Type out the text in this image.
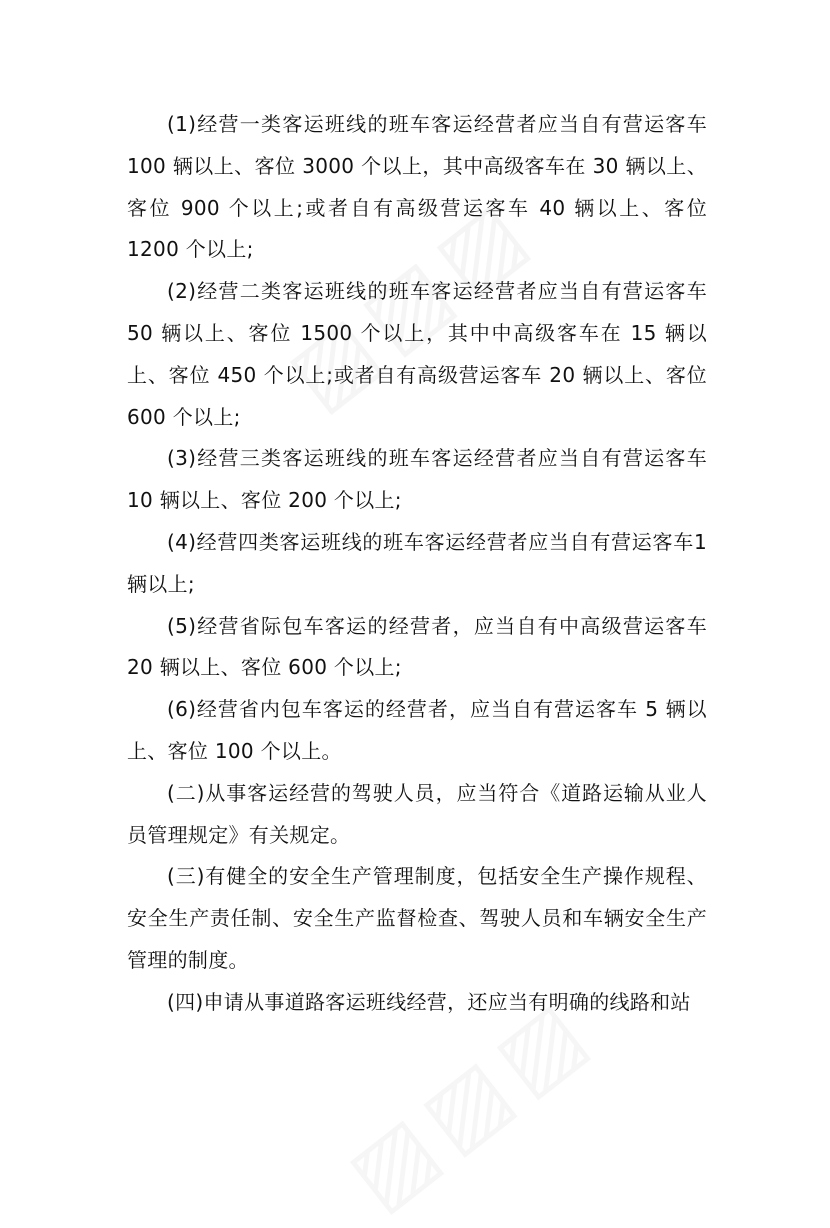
(1)经营一类客运班线的班车客运经营者应当自有营运客车100 辆以上、客位 3000 个以上，其中高级客车在 30 辆以上、客位 900 个以上;或者自有高级营运客车 40 辆以上、客位 1200 个以上;

(2)经营二类客运班线的班车客运经营者应当自有营运客车50 辆以上、客位 1500 个以上，其中中高级客车在 15 辆以上、客位 450 个以上;或者自有高级营运客车 20 辆以上、客位 600 个以上;

(3)经营三类客运班线的班车客运经营者应当自有营运客车10 辆以上、客位 200 个以上;

(4)经营四类客运班线的班车客运经营者应当自有营运客车1 辆以上;

(5)经营省际包车客运的经营者，应当自有中高级营运客车20 辆以上、客位 600 个以上;

(6)经营省内包车客运的经营者，应当自有营运客车 5 辆以上、客位 100 个以上。

(二)从事客运经营的驾驶人员，应当符合《道路运输从业人员管理规定》有关规定。

(三)有健全的安全生产管理制度，包括安全生产操作规程、安全生产责任制、安全生产监督检查、驾驶人员和车辆安全生产管理的制度。

(四)申请从事道路客运班线经营，还应当有明确的线路和站
